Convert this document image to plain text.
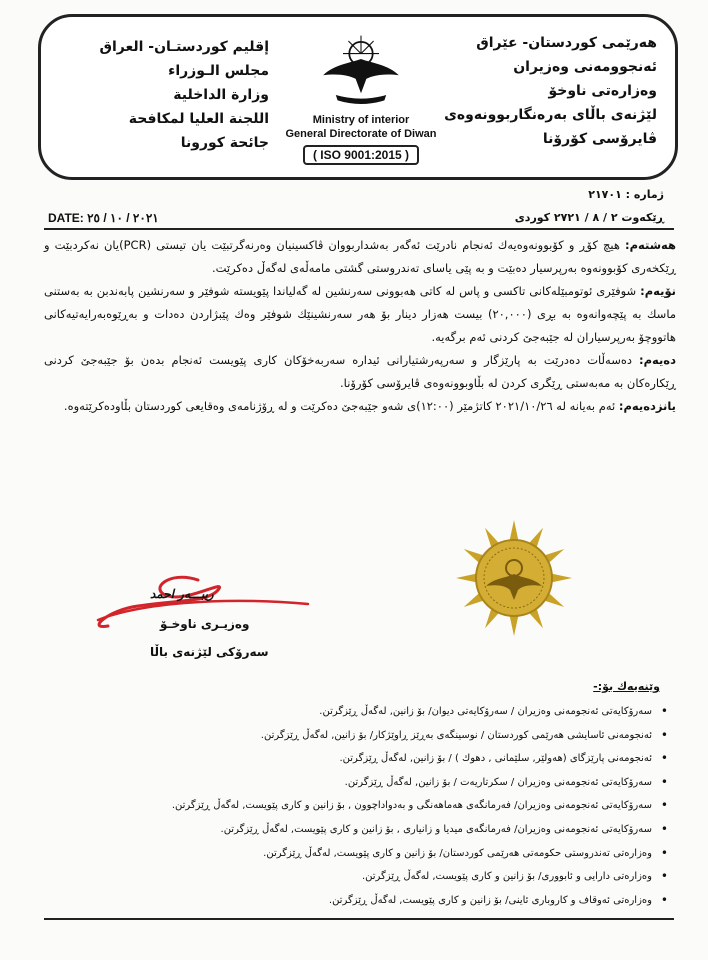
هەرێمی کوردستان- عێراق
ئەنجوومەنی وەزیران
وەزارەتی ناوخۆ
لێژنەی باڵای بەرەنگاربوونەوەی
ڤایرۆسی کۆرۆنا
Ministry of interior
General Directorate of Diwan
( ISO 9001:2015 )
إقليم كوردستـان- العراق
مجلس الـوزراء
وزارة الداخلية
اللجنة العليا لمكافحة
جائحة كورونا
ژمارە : ٢١٧٠١
ڕێکەوت ٢ / ٨ / ٢٧٢١ کوردی
DATE: ٢٠٢١ / ١٠ / ٢٥

هەشتەم: هیچ کۆڕ و کۆبوونەوەیەك ئەنجام نادرێت ئەگەر بەشداربووان ڤاکسینیان وەرنەگرتبێت یان تیستی (PCR)یان نەکردبێت و ڕێکخەری کۆبوونەوە بەرپرسیار دەبێت و بە پێی یاسای تەندروستی گشتی مامەڵەی لەگەڵ دەکرێت.

نۆیەم: شوفێری ئوتومبێلەکانی تاکسی و پاس لە کاتی هەبوونی سەرنشین لە گەلیاندا پێویستە شوفێر و سەرنشین پابەندبن بە بەستنی ماسك بە پێچەوانەوە بە بڕی (٢٠,٠٠٠) بیست هەزار دینار بۆ هەر سەرنشینێك شوفێر وەك پێبژاردن دەدات و بەڕێوەبەرایەتیەکانی هاتووچۆ بەرپرسیاران لە جێبەجێ کردنی ئەم برگەیە.

دەیەم: دەسەڵات دەدرێت بە پارێزگار و سەرپەرشتیارانی ئیدارە سەربەخۆکان کاری پێویست ئەنجام بدەن بۆ جێبەجێ کردنی ڕێکارەکان بە مەبەستی ڕێگری کردن لە بڵاوبوونەوەی ڤایرۆسی کۆرۆنا.

یانزدەیەم: ئەم بەیانە لە ٢٠٢١/١٠/٢٦ کاتژمێر (١٢:٠٠)ی شەو جێبەجێ دەکرێت و لە ڕۆژنامەی وەقایعی کوردستان بڵاودەکرێتەوە.

ریبـــەر احمد
وەزیـری ناوخـۆ
سەرۆکی لێژنەی باڵا
وێنەیەك بۆ:-
• سەرۆکایەتی ئەنجومەنی وەزیران / سەرۆکایەتی دیوان/ بۆ زانین, لەگەڵ ڕێزگرتن.
• ئەنجومەنی ئاسایشی هەرێمی کوردستان / نوسینگەی بەڕێز ڕاوێژکار/ بۆ زانین, لەگەڵ ڕێزگرتن.
• ئەنجومەنی پارێزگای (هەولێر, سلێمانی , دهوك ) / بۆ زانین, لەگەڵ ڕێزگرتن.
• سەرۆکایەتی ئەنجومەنی وەزیران / سکرتاریەت / بۆ زانین, لەگەڵ ڕێزگرتن.
• سەرۆکایەتی ئەنجومەنی وەزیران/ فەرمانگەی هەماهەنگی و بەدواداچوون , بۆ زانین و کاری پێویست, لەگەڵ ڕێزگرتن.
• سەرۆکایەتی ئەنجومەنی وەزیران/ فەرمانگەی میدیا و زانیاری , بۆ زانین و کاری پێویست, لەگەڵ ڕێزگرتن.
• وەزارەتی تەندروستی حکومەتی هەرێمی کوردستان/ بۆ زانین و کاری پێویست, لەگەڵ ڕێزگرتن.
• وەزارەتی دارایی و ئابووری/ بۆ زانین و کاری پێویست, لەگەڵ ڕێزگرتن.
• وەزارەتی ئەوقاف و کاروباری ئاینی/ بۆ زانین و کاری پێویست, لەگەڵ ڕێزگرتن.
